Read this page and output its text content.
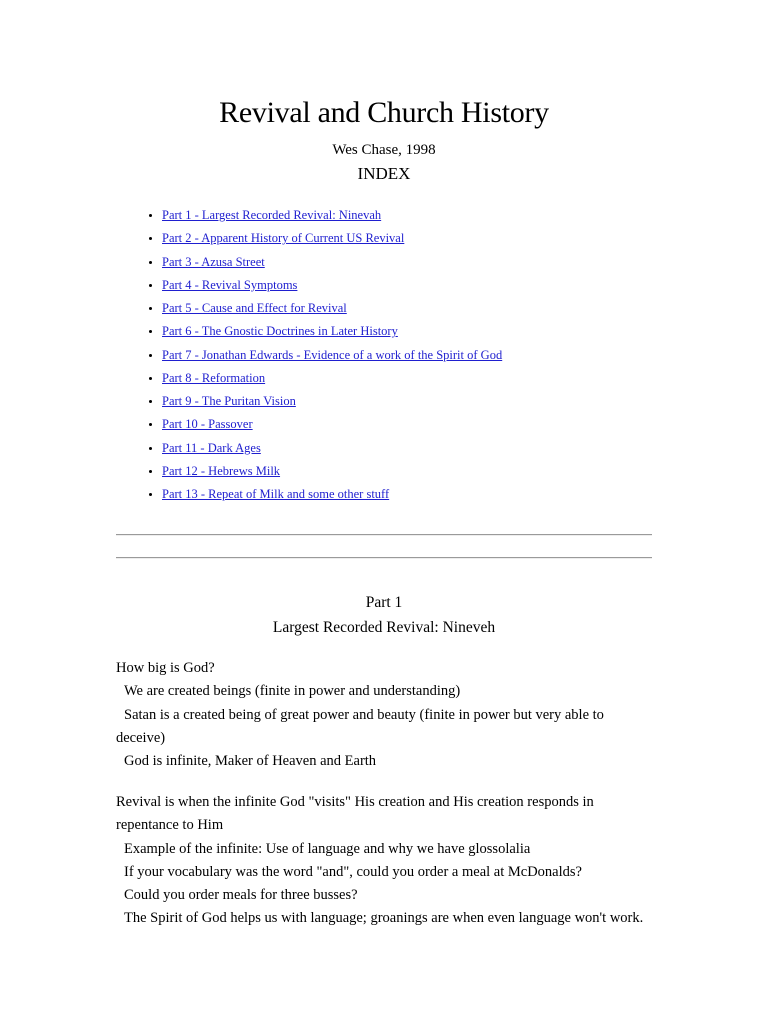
Revival and Church History
Wes Chase, 1998
INDEX
• Part 1 - Largest Recorded Revival: Ninevah
• Part 2 - Apparent History of Current US Revival
• Part 3 - Azusa Street
• Part 4 - Revival Symptoms
• Part 5 - Cause and Effect for Revival
• Part 6 - The Gnostic Doctrines in Later History
• Part 7 - Jonathan Edwards - Evidence of a work of the Spirit of God
• Part 8 - Reformation
• Part 9 - The Puritan Vision
• Part 10 - Passover
• Part 11 - Dark Ages
• Part 12 - Hebrews Milk
• Part 13 - Repeat of Milk and some other stuff
Part 1
Largest Recorded Revival: Nineveh

How big is God?

We are created beings (finite in power and understanding)

Satan is a created being of great power and beauty (finite in power but very able to

deceive)

God is infinite, Maker of Heaven and Earth

Revival is when the infinite God "visits" His creation and His creation responds in

repentance to Him

Example of the infinite: Use of language and why we have glossolalia

If your vocabulary was the word "and", could you order a meal at McDonalds?

Could you order meals for three busses?

The Spirit of God helps us with language; groanings are when even language won't work.
